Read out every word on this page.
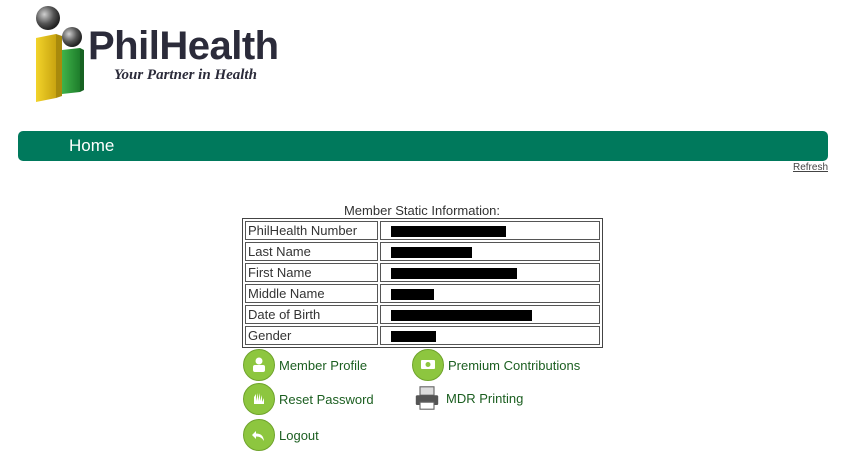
PhilHealth
Your Partner in Health
Home
Refresh
Member Static Information:
PhilHealth Number	
Last Name	
First Name	
Middle Name	
Date of Birth	
Gender	
Member Profile	Premium Contributions
Reset Password	MDR Printing
Logout
